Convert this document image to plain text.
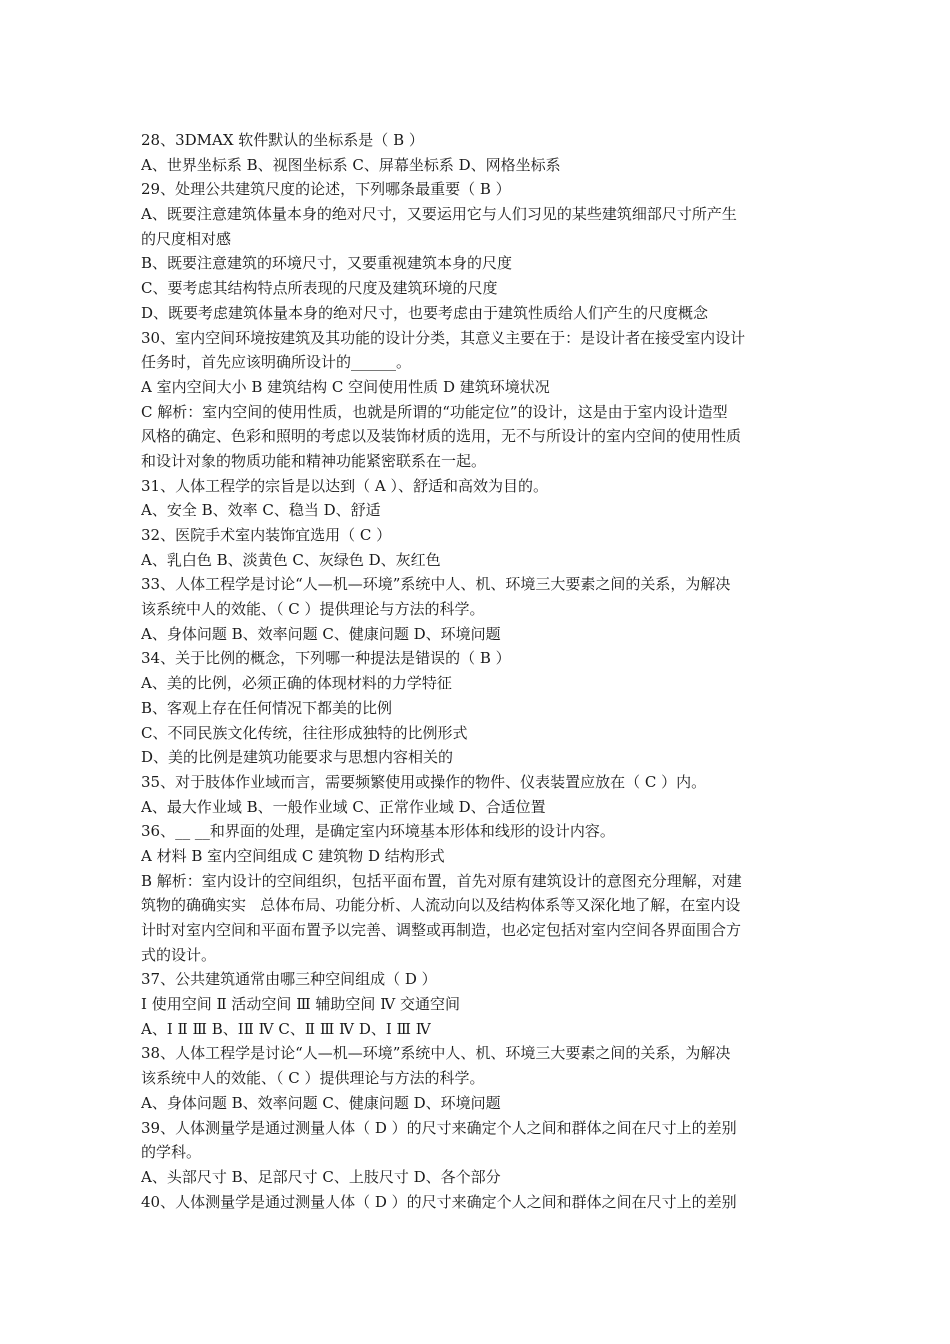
28、3DMAX 软件默认的坐标系是（ B ）
A、世界坐标系 B、视图坐标系 C、屏幕坐标系 D、网格坐标系
29、处理公共建筑尺度的论述，下列哪条最重要（ B ）
A、既要注意建筑体量本身的绝对尺寸，又要运用它与人们习见的某些建筑细部尺寸所产生
的尺度相对感
B、既要注意建筑的环境尺寸，又要重视建筑本身的尺度
C、要考虑其结构特点所表现的尺度及建筑环境的尺度
D、既要考虑建筑体量本身的绝对尺寸，也要考虑由于建筑性质给人们产生的尺度概念
30、室内空间环境按建筑及其功能的设计分类，其意义主要在于：是设计者在接受室内设计
任务时，首先应该明确所设计的______。
A 室内空间大小 B 建筑结构 C 空间使用性质 D 建筑环境状况
C 解析：室内空间的使用性质，也就是所谓的“功能定位”的设计，这是由于室内设计造型
风格的确定、色彩和照明的考虑以及装饰材质的选用，无不与所设计的室内空间的使用性质
和设计对象的物质功能和精神功能紧密联系在一起。
31、人体工程学的宗旨是以达到（ A ）、舒适和高效为目的。
A、安全 B、效率 C、稳当 D、舒适
32、医院手术室内装饰宜选用（ C ）
A、乳白色 B、淡黄色 C、灰绿色 D、灰红色
33、人体工程学是讨论“人—机—环境”系统中人、机、环境三大要素之间的关系，为解决
该系统中人的效能、（ C ）提供理论与方法的科学。
A、身体问题 B、效率问题 C、健康问题 D、环境问题
34、关于比例的概念，下列哪一种提法是错误的（ B ）
A、美的比例，必须正确的体现材料的力学特征
B、客观上存在任何情况下都美的比例
C、不同民族文化传统，往往形成独特的比例形式
D、美的比例是建筑功能要求与思想内容相关的
35、对于肢体作业域而言，需要频繁使用或操作的物件、仪表装置应放在（ C ）内。
A、最大作业域 B、一般作业域 C、正常作业域 D、合适位置
36、__ __和界面的处理，是确定室内环境基本形体和线形的设计内容。
A 材料 B 室内空间组成 C 建筑物 D 结构形式
B 解析：室内设计的空间组织，包括平面布置，首先对原有建筑设计的意图充分理解，对建
筑物的确确实实   总体布局、功能分析、人流动向以及结构体系等又深化地了解，在室内设
计时对室内空间和平面布置予以完善、调整或再制造，也必定包括对室内空间各界面围合方
式的设计。
37、公共建筑通常由哪三种空间组成（ D ）
Ⅰ 使用空间 Ⅱ 活动空间 Ⅲ 辅助空间 Ⅳ 交通空间
A、Ⅰ Ⅱ Ⅲ B、ⅠⅡ Ⅳ C、Ⅱ Ⅲ Ⅳ D、Ⅰ Ⅲ Ⅳ
38、人体工程学是讨论“人—机—环境”系统中人、机、环境三大要素之间的关系，为解决
该系统中人的效能、（ C ）提供理论与方法的科学。
A、身体问题 B、效率问题 C、健康问题 D、环境问题
39、人体测量学是通过测量人体（ D ）的尺寸来确定个人之间和群体之间在尺寸上的差别
的学科。
A、头部尺寸 B、足部尺寸 C、上肢尺寸 D、各个部分
40、人体测量学是通过测量人体（ D ）的尺寸来确定个人之间和群体之间在尺寸上的差别
